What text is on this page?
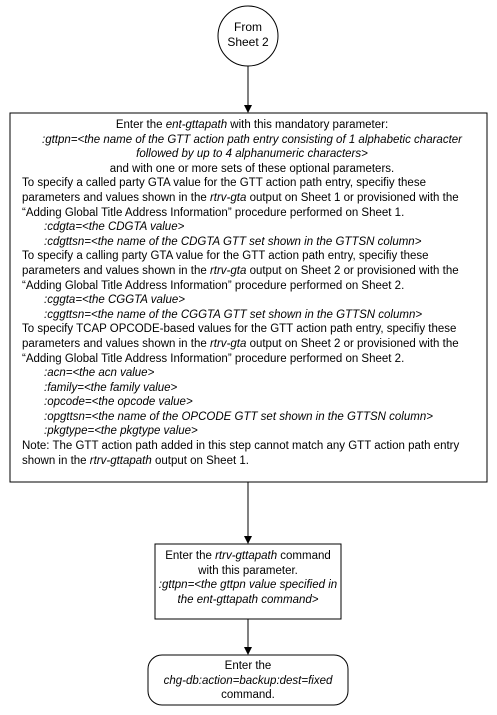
From
Sheet 2
Enter the ent-gttapath with this mandatory parameter:
:gttpn=<the name of the GTT action path entry consisting of 1 alphabetic character
followed by up to 4 alphanumeric characters>
and with one or more sets of these optional parameters.
To specify a called party GTA value for the GTT action path entry, specifiy these
parameters and values shown in the rtrv-gta output on Sheet 1 or provisioned with the
“Adding Global Title Address Information” procedure performed on Sheet 1.
:cdgta=<the CDGTA value>
:cdgttsn=<the name of the CDGTA GTT set shown in the GTTSN column>
To specify a calling party GTA value for the GTT action path entry, specifiy these
parameters and values shown in the rtrv-gta output on Sheet 2 or provisioned with the
“Adding Global Title Address Information” procedure performed on Sheet 2.
:cggta=<the CGGTA value>
:cggttsn=<the name of the CGGTA GTT set shown in the GTTSN column>
To specify TCAP OPCODE-based values for the GTT action path entry, specifiy these
parameters and values shown in the rtrv-gta output on Sheet 2 or provisioned with the
“Adding Global Title Address Information” procedure performed on Sheet 2.
:acn=<the acn value>
:family=<the family value>
:opcode=<the opcode value>
:opgttsn=<the name of the OPCODE GTT set shown in the GTTSN column>
:pkgtype=<the pkgtype value>
Note: The GTT action path added in this step cannot match any GTT action path entry
shown in the rtrv-gttapath output on Sheet 1.
Enter the rtrv-gttapath command
with this parameter.
:gttpn=<the gttpn value specified in
the ent-gttapath command>
Enter the
chg-db:action=backup:dest=fixed
command.
